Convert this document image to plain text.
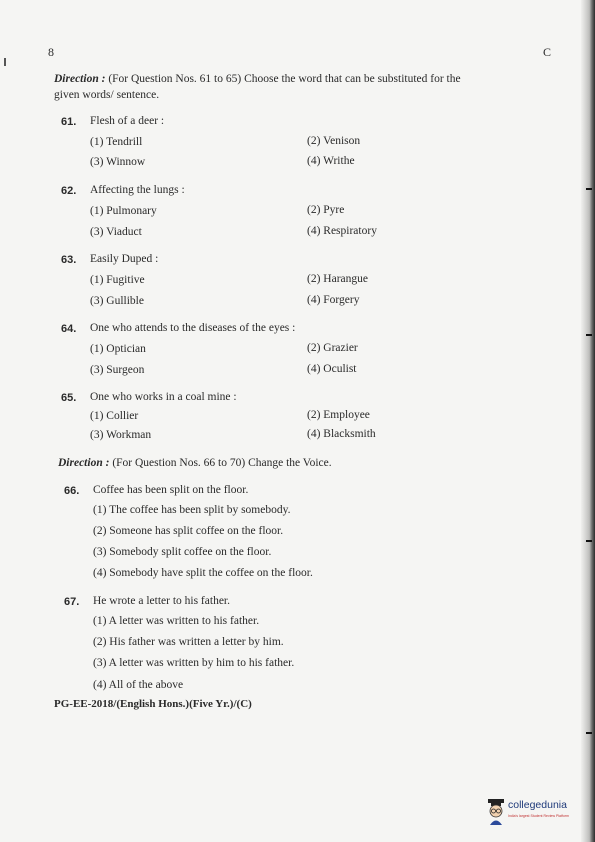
8	C
Direction : (For Question Nos. 61 to 65) Choose the word that can be substituted for the
given words/ sentence.
61. Flesh of a deer :
(1) Tendrill	(2) Venison
(3) Winnow	(4) Writhe
62. Affecting the lungs :
(1) Pulmonary	(2) Pyre
(3) Viaduct	(4) Respiratory
63. Easily Duped :
(1) Fugitive	(2) Harangue
(3) Gullible	(4) Forgery
64. One who attends to the diseases of the eyes :
(1) Optician	(2) Grazier
(3) Surgeon	(4) Oculist
65. One who works in a coal mine :
(1) Collier	(2) Employee
(3) Workman	(4) Blacksmith
Direction : (For Question Nos. 66 to 70) Change the Voice.
66. Coffee has been split on the floor.
(1) The coffee has been split by somebody.
(2) Someone has split coffee on the floor.
(3) Somebody split coffee on the floor.
(4) Somebody have split the coffee on the floor.
67. He wrote a letter to his father.
(1) A letter was written to his father.
(2) His father was written a letter by him.
(3) A letter was written by him to his father.
(4) All of the above
PG-EE-2018/(English Hons.)(Five Yr.)/(C)
collegedunia
India's largest Student Review Platform
